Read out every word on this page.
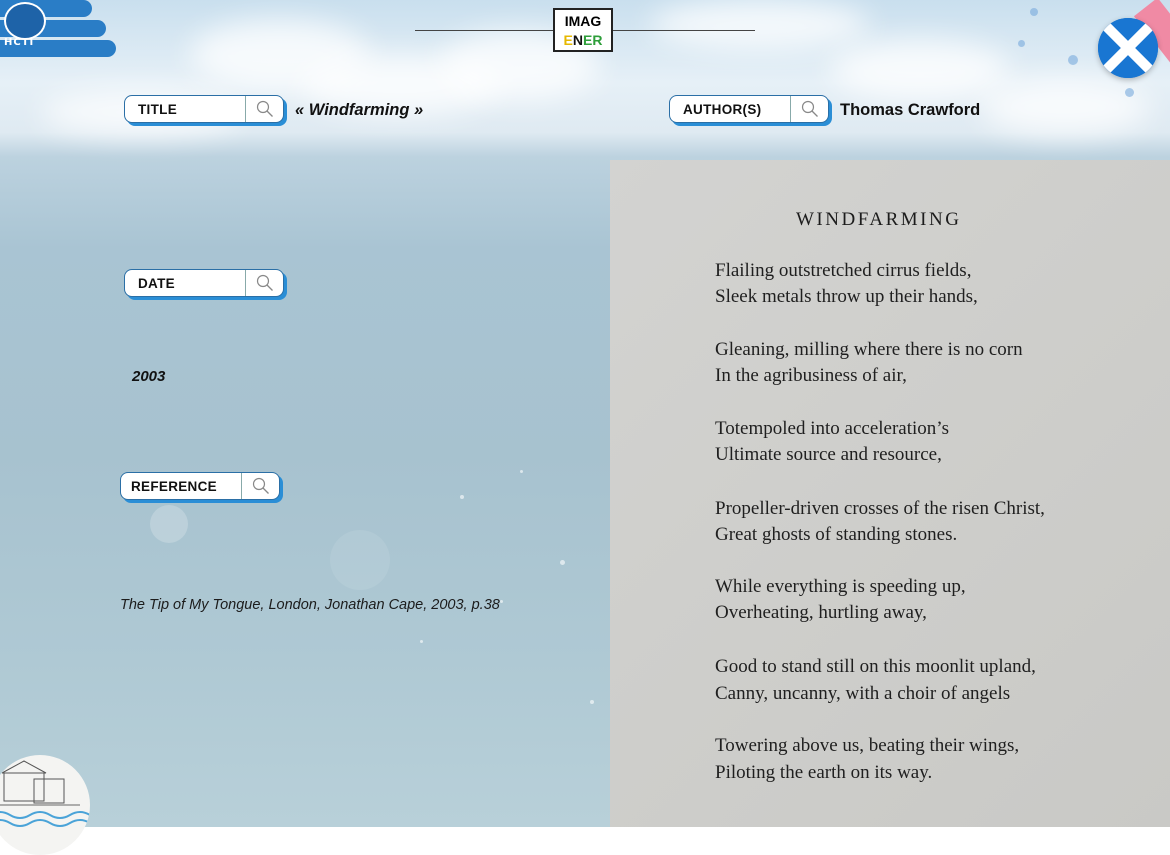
HCTI
IMAG
ENER
TITLE	« Windfarming »	AUTHOR(S)	Thomas Crawford
DATE
2003
REFERENCE
The Tip of My Tongue, London, Jonathan Cape, 2003, p.38
WINDFARMING
Flailing outstretched cirrus fields,
Sleek metals throw up their hands,
Gleaning, milling where there is no corn
In the agribusiness of air,
Totempoled into acceleration’s
Ultimate source and resource,
Propeller-driven crosses of the risen Christ,
Great ghosts of standing stones.
While everything is speeding up,
Overheating, hurtling away,
Good to stand still on this moonlit upland,
Canny, uncanny, with a choir of angels
Towering above us, beating their wings,
Piloting the earth on its way.
